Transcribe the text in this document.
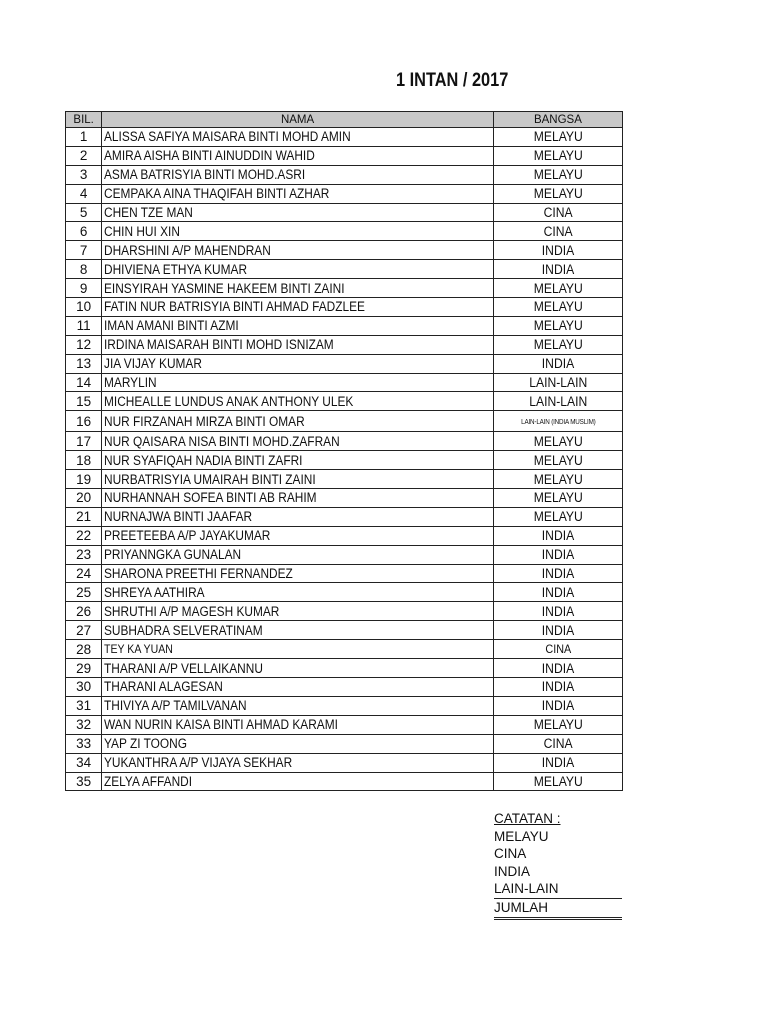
1 INTAN / 2017
BIL.	NAMA	BANGSA
1	ALISSA SAFIYA MAISARA BINTI MOHD AMIN	MELAYU
2	AMIRA AISHA BINTI AINUDDIN WAHID	MELAYU
3	ASMA BATRISYIA BINTI MOHD.ASRI	MELAYU
4	CEMPAKA AINA THAQIFAH BINTI AZHAR	MELAYU
5	CHEN TZE MAN	CINA
6	CHIN HUI XIN	CINA
7	DHARSHINI A/P MAHENDRAN	INDIA
8	DHIVIENA ETHYA KUMAR	INDIA
9	EINSYIRAH YASMINE HAKEEM BINTI ZAINI	MELAYU
10	FATIN NUR BATRISYIA BINTI AHMAD FADZLEE	MELAYU
11	IMAN AMANI BINTI AZMI	MELAYU
12	IRDINA MAISARAH BINTI MOHD ISNIZAM	MELAYU
13	JIA VIJAY KUMAR	INDIA
14	MARYLIN	LAIN-LAIN
15	MICHEALLE LUNDUS ANAK ANTHONY ULEK	LAIN-LAIN
16	NUR FIRZANAH MIRZA BINTI OMAR	LAIN-LAIN (INDIA MUSLIM)
17	NUR QAISARA NISA BINTI MOHD.ZAFRAN	MELAYU
18	NUR SYAFIQAH NADIA BINTI ZAFRI	MELAYU
19	NURBATRISYIA UMAIRAH BINTI ZAINI	MELAYU
20	NURHANNAH SOFEA BINTI AB RAHIM	MELAYU
21	NURNAJWA BINTI JAAFAR	MELAYU
22	PREETEEBA A/P JAYAKUMAR	INDIA
23	PRIYANNGKA GUNALAN	INDIA
24	SHARONA PREETHI FERNANDEZ	INDIA
25	SHREYA AATHIRA	INDIA
26	SHRUTHI A/P MAGESH KUMAR	INDIA
27	SUBHADRA SELVERATINAM	INDIA
28	TEY KA YUAN	CINA
29	THARANI A/P VELLAIKANNU	INDIA
30	THARANI ALAGESAN	INDIA
31	THIVIYA A/P TAMILVANAN	INDIA
32	WAN NURIN KAISA BINTI AHMAD KARAMI	MELAYU
33	YAP ZI TOONG	CINA
34	YUKANTHRA A/P VIJAYA SEKHAR	INDIA
35	ZELYA AFFANDI	MELAYU
CATATAN :
MELAYU
CINA
INDIA
LAIN-LAIN
JUMLAH
